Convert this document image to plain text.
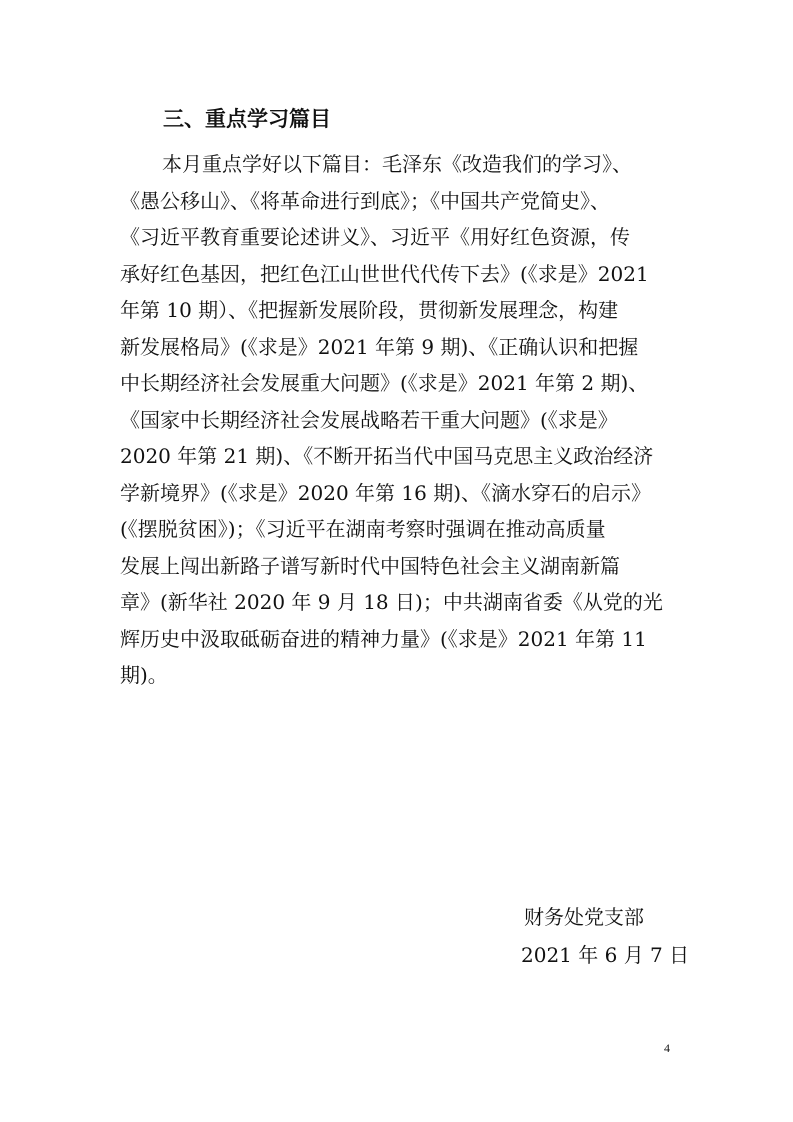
三、重点学习篇目
本月重点学好以下篇目：毛泽东《改造我们的学习》、
《愚公移山》、《将革命进行到底》；《中国共产党简史》、
《习近平教育重要论述讲义》、习近平《用好红色资源，传
承好红色基因，把红色江山世世代代传下去》(《求是》2021
年第 10 期）、《把握新发展阶段，贯彻新发展理念，构建
新发展格局》(《求是》2021 年第 9 期)、《正确认识和把握
中长期经济社会发展重大问题》(《求是》2021 年第 2 期)、
《国家中长期经济社会发展战略若干重大问题》(《求是》
2020 年第 21 期)、《不断开拓当代中国马克思主义政治经济
学新境界》(《求是》2020 年第 16 期)、《滴水穿石的启示》
(《摆脱贫困》)；《习近平在湖南考察时强调在推动高质量
发展上闯出新路子谱写新时代中国特色社会主义湖南新篇
章》(新华社 2020 年 9 月 18 日)；中共湖南省委《从党的光
辉历史中汲取砥砺奋进的精神力量》(《求是》2021 年第 11
期)。
财务处党支部
2021 年 6 月 7 日
4
